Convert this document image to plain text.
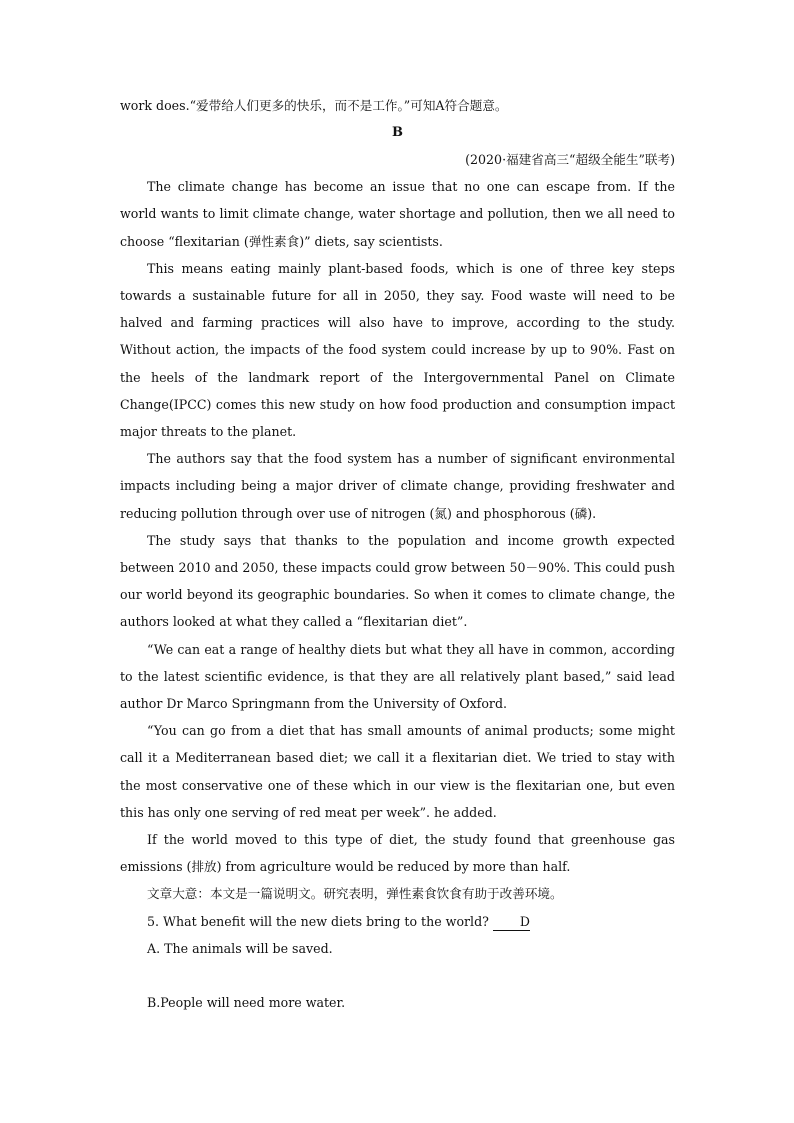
work does.“爱带给人们更多的快乐，而不是工作。”可知A符合题意。

B

(2020·福建省高三“超级全能生”联考)

The climate change has become an issue that no one can escape from. If the world wants to limit climate change, water shortage and pollution, then we all need to choose “flexitarian (弹性素食)” diets, say scientists.

This means eating mainly plant-based foods, which is one of three key steps towards a sustainable future for all in 2050, they say. Food waste will need to be halved and farming practices will also have to improve, according to the study. Without action, the impacts of the food system could increase by up to 90%. Fast on the heels of the landmark report of the Intergovernmental Panel on Climate Change(IPCC) comes this new study on how food production and consumption impact major threats to the planet.

The authors say that the food system has a number of significant environmental impacts including being a major driver of climate change, providing freshwater and reducing pollution through over use of nitrogen (氮) and phosphorous (磷).

The study says that thanks to the population and income growth expected between 2010 and 2050, these impacts could grow between 50－90%. This could push our world beyond its geographic boundaries. So when it comes to climate change, the authors looked at what they called a “flexitarian diet”.

“We can eat a range of healthy diets but what they all have in common, according to the latest scientific evidence, is that they are all relatively plant based,” said lead author Dr Marco Springmann from the University of Oxford.

“You can go from a diet that has small amounts of animal products; some might call it a Mediterranean based diet; we call it a flexitarian diet. We tried to stay with the most conservative one of these which in our view is the flexitarian one, but even this has only one serving of red meat per week”. he added.

If the world moved to this type of diet, the study found that greenhouse gas emissions (排放) from agriculture would be reduced by more than half.

文章大意：本文是一篇说明文。研究表明，弹性素食饮食有助于改善环境。

5. What benefit will the new diets bring to the world? D

A. The animals will be saved.

B.People will need more water.
